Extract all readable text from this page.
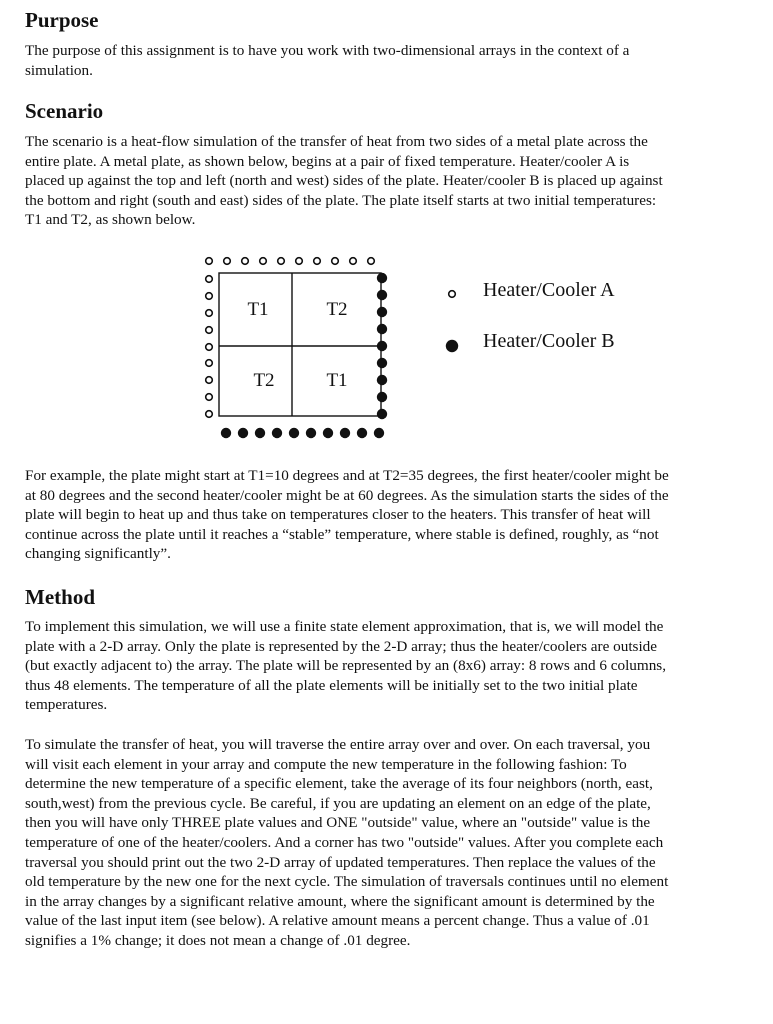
Purpose

The purpose of this assignment is to have you work with two-dimensional arrays in the context of a
simulation.

Scenario

The scenario is a heat-flow simulation of the transfer of heat from two sides of a metal plate across the
entire plate. A metal plate, as shown below, begins at a pair of fixed temperature. Heater/cooler A is
placed up against the top and left (north and west) sides of the plate. Heater/cooler B is placed up against
the bottom and right (south and east) sides of the plate. The plate itself starts at two initial temperatures:
T1 and T2, as shown below.

T1	T2
T2	T1
Heater/Cooler A
Heater/Cooler B

For example, the plate might start at T1=10 degrees and at T2=35 degrees, the first heater/cooler might be
at 80 degrees and the second heater/cooler might be at 60 degrees. As the simulation starts the sides of the
plate will begin to heat up and thus take on temperatures closer to the heaters. This transfer of heat will
continue across the plate until it reaches a “stable” temperature, where stable is defined, roughly, as “not
changing significantly”.

Method

To implement this simulation, we will use a finite state element approximation, that is, we will model the
plate with a 2-D array. Only the plate is represented by the 2-D array; thus the heater/coolers are outside
(but exactly adjacent to) the array. The plate will be represented by an (8x6) array: 8 rows and 6 columns,
thus 48 elements. The temperature of all the plate elements will be initially set to the two initial plate
temperatures.

To simulate the transfer of heat, you will traverse the entire array over and over. On each traversal, you
will visit each element in your array and compute the new temperature in the following fashion: To
determine the new temperature of a specific element, take the average of its four neighbors (north, east,
south,west) from the previous cycle. Be careful, if you are updating an element on an edge of the plate,
then you will have only THREE plate values and ONE "outside" value, where an "outside" value is the
temperature of one of the heater/coolers. And a corner has two "outside" values. After you complete each
traversal you should print out the two 2-D array of updated temperatures. Then replace the values of the
old temperature by the new one for the next cycle. The simulation of traversals continues until no element
in the array changes by a significant relative amount, where the significant amount is determined by the
value of the last input item (see below). A relative amount means a percent change. Thus a value of .01
signifies a 1% change; it does not mean a change of .01 degree.
